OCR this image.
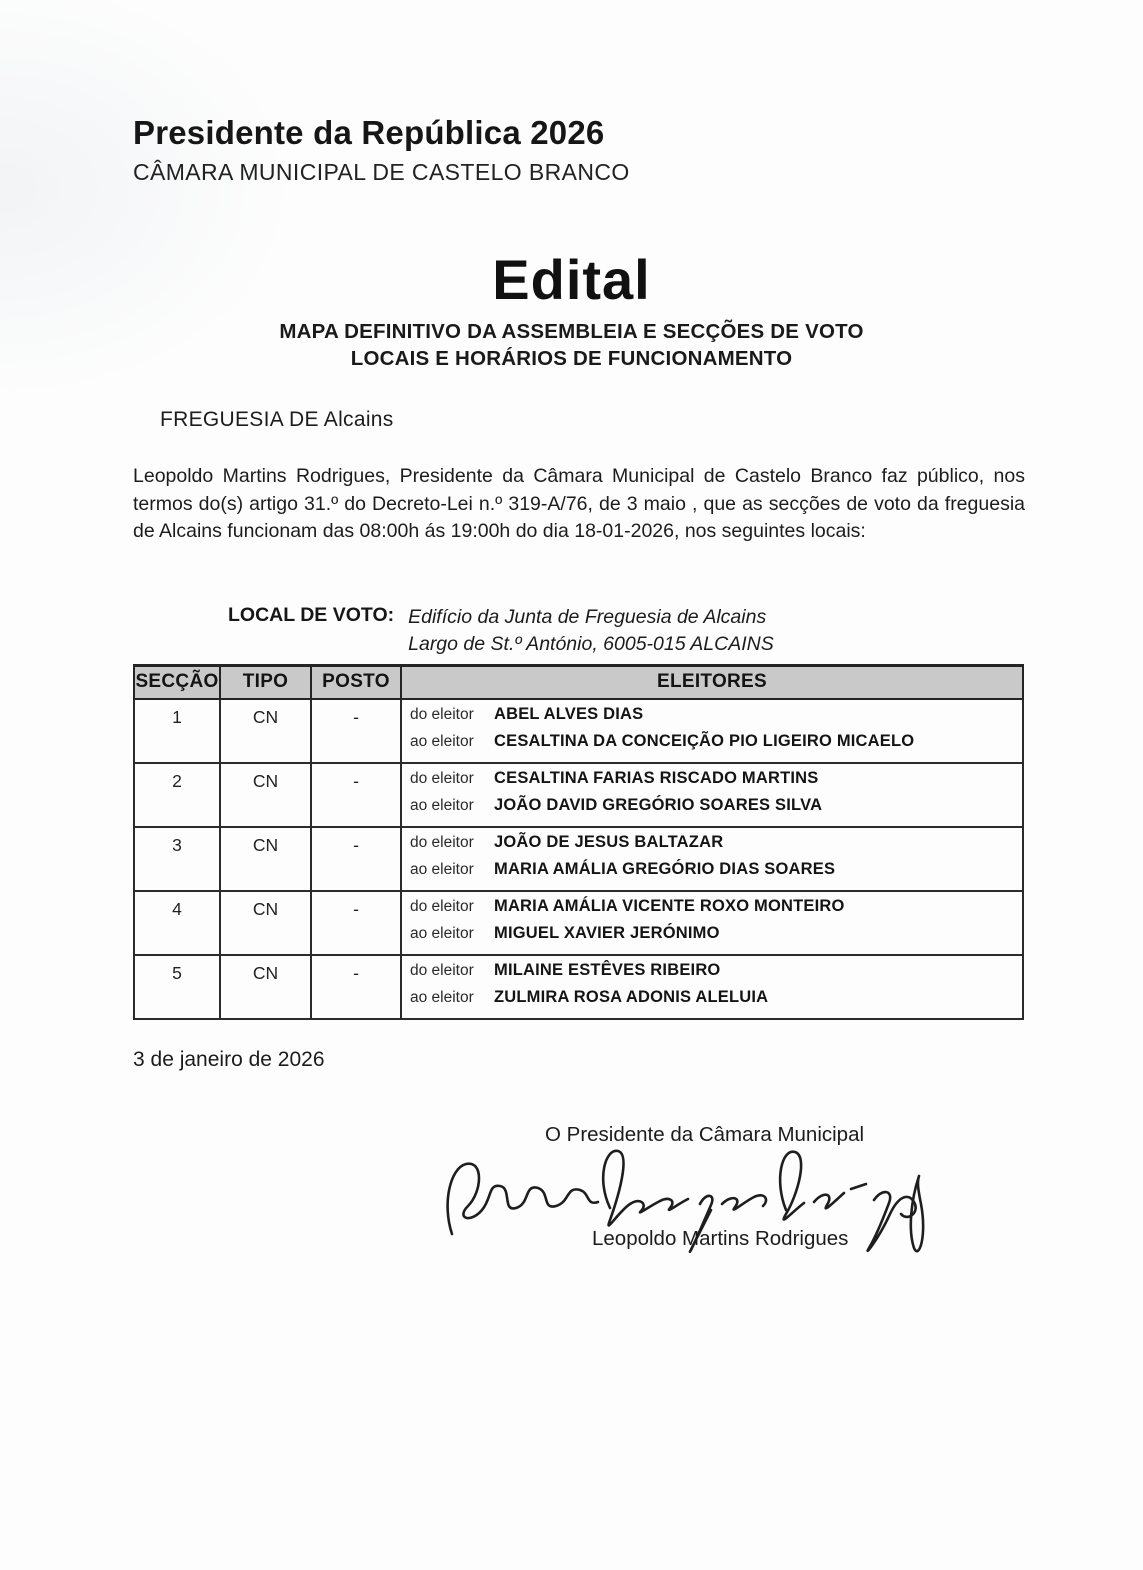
Presidente da República 2026
CÂMARA MUNICIPAL DE CASTELO BRANCO
Edital
MAPA DEFINITIVO DA ASSEMBLEIA E SECÇÕES DE VOTO
LOCAIS E HORÁRIOS DE FUNCIONAMENTO
FREGUESIA DE Alcains

Leopoldo Martins Rodrigues, Presidente da Câmara Municipal de Castelo Branco faz público, nos termos do(s) artigo 31.º do Decreto-Lei n.º 319-A/76, de 3 maio , que as secções de voto da freguesia de Alcains funcionam das 08:00h ás 19:00h do dia 18-01-2026, nos seguintes locais:

LOCAL DE VOTO: Edifício da Junta de Freguesia de Alcains
Largo de St.º António, 6005-015 ALCAINS
SECÇÃO	TIPO	POSTO	ELEITORES
1	CN	-	do eleitor ABEL ALVES DIAS
ao eleitor CESALTINA DA CONCEIÇÃO PIO LIGEIRO MICAELO

2	CN	-	do eleitor CESALTINA FARIAS RISCADO MARTINS
ao eleitor JOÃO DAVID GREGÓRIO SOARES SILVA

3	CN	-	do eleitor JOÃO DE JESUS BALTAZAR
ao eleitor MARIA AMÁLIA GREGÓRIO DIAS SOARES

4	CN	-	do eleitor MARIA AMÁLIA VICENTE ROXO MONTEIRO
ao eleitor MIGUEL XAVIER JERÓNIMO

5	CN	-	do eleitor MILAINE ESTÊVES RIBEIRO
ao eleitor ZULMIRA ROSA ADONIS ALELUIA
3 de janeiro de 2026
O Presidente da Câmara Municipal
Leopoldo Martins Rodrigues
